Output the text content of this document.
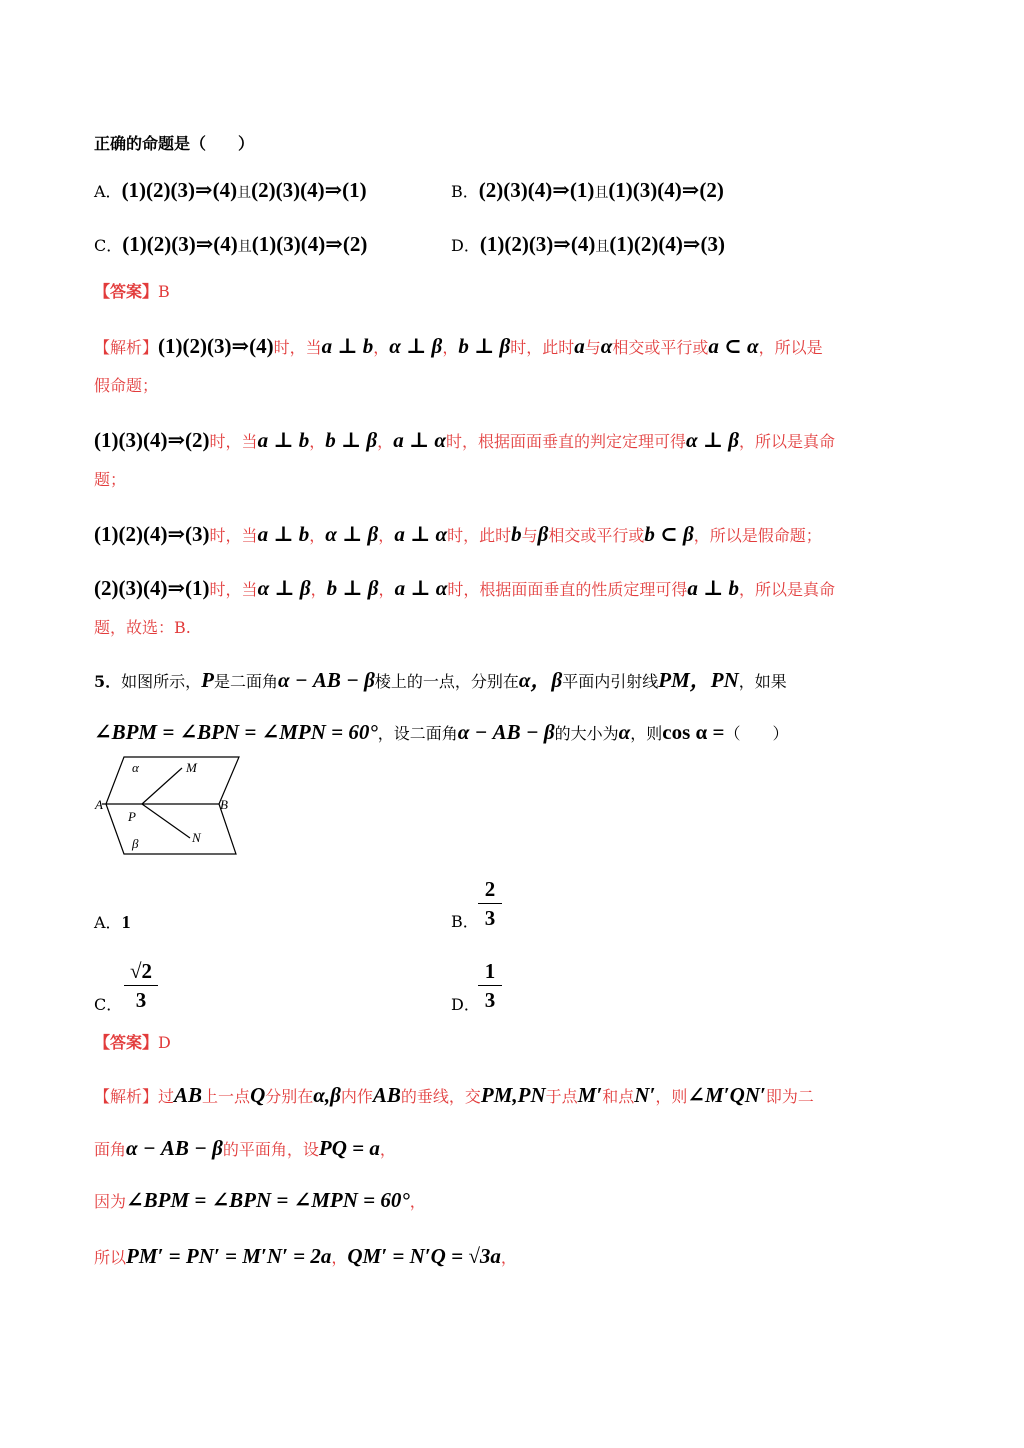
正确的命题是（　　）
A．(1)(2)(3)⇒(4)且(2)(3)(4)⇒(1)	B．(2)(3)(4)⇒(1)且(1)(3)(4)⇒(2)
C．(1)(2)(3)⇒(4)且(1)(3)(4)⇒(2)	D．(1)(2)(3)⇒(4)且(1)(2)(4)⇒(3)
【答案】B
【解析】(1)(2)(3)⇒(4)时，当a ⊥ b，α ⊥ β，b ⊥ β时，此时a与α相交或平行或a ⊂ α，所以是
假命题；
(1)(3)(4)⇒(2)时，当a ⊥ b，b ⊥ β，a ⊥ α时，根据面面垂直的判定定理可得α ⊥ β，所以是真命
题；
(1)(2)(4)⇒(3)时，当a ⊥ b，α ⊥ β，a ⊥ α时，此时b与β相交或平行或b ⊂ β，所以是假命题；
(2)(3)(4)⇒(1)时，当α ⊥ β，b ⊥ β，a ⊥ α时，根据面面垂直的性质定理可得a ⊥ b，所以是真命
题，故选：B.
5．如图所示，P是二面角α − AB − β棱上的一点，分别在α，β平面内引射线PM，PN，如果
∠BPM = ∠BPN = ∠MPN = 60°，设二面角α − AB − β的大小为α，则cos α =（　　）
α	M
A	B
P
N
β
A．1	B．
2
3
C．
√2
3	D．
1
3
【答案】D
【解析】过AB上一点Q分别在α,β内作AB的垂线，交PM,PN于点M′和点N′，则∠M′QN′即为二
面角α − AB − β的平面角，设PQ = a，
因为∠BPM = ∠BPN = ∠MPN = 60°，
所以PM′ = PN′ = M′N′ = 2a，QM′ = N′Q = √3a，
